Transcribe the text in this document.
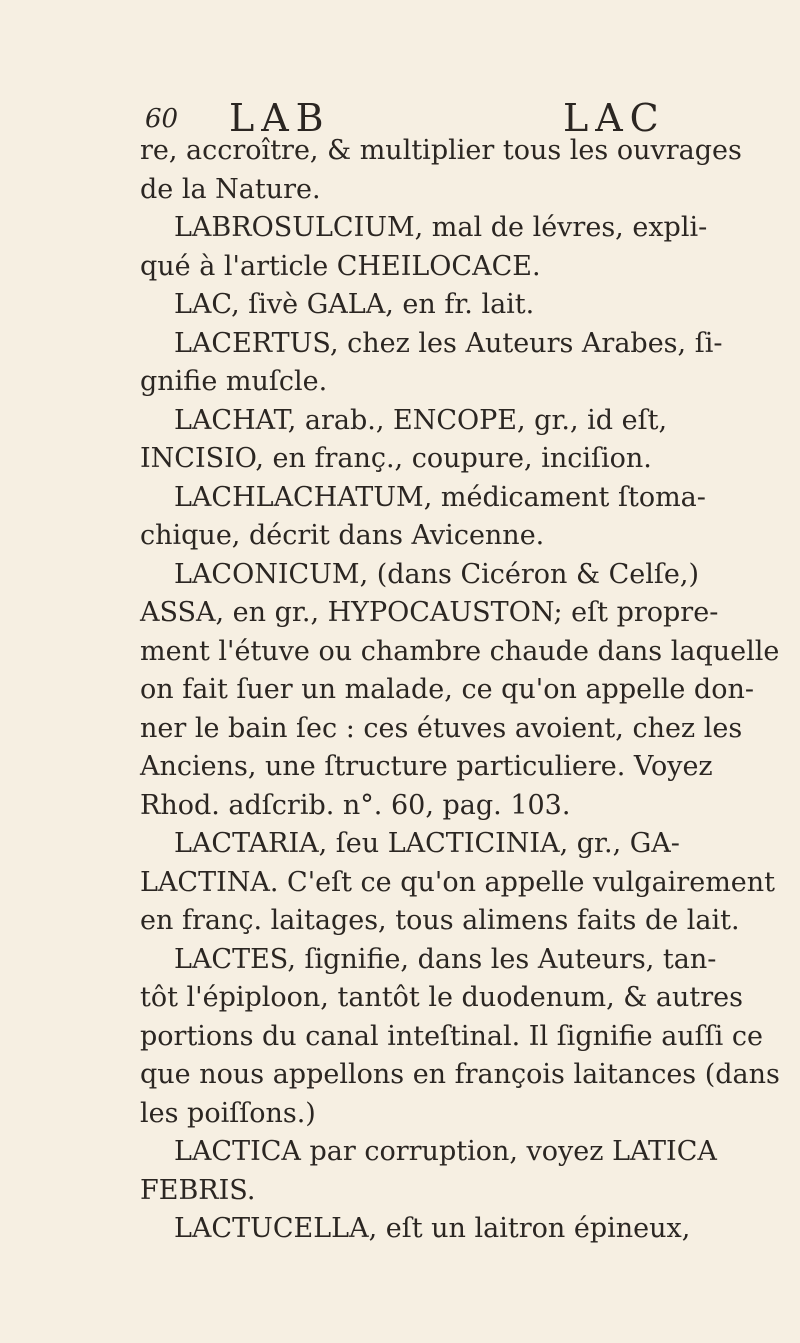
60 LAB	LAC
re, accroître, & multiplier tous les ouvrages
de la Nature.
LABROSULCIUM, mal de lévres, expli-
qué à l'article CHEILOCACE.
LAC, ſivè GALA, en fr. lait.
LACERTUS, chez les Auteurs Arabes, ſi-
gnifie muſcle.
LACHAT, arab., ENCOPE, gr., id eſt,
INCISIO, en franç., coupure, inciſion.
LACHLACHATUM, médicament ſtoma-
chique, décrit dans Avicenne.
LACONICUM, (dans Cicéron & Celſe,)
ASSA, en gr., HYPOCAUSTON; eſt propre-
ment l'étuve ou chambre chaude dans laquelle
on fait ſuer un malade, ce qu'on appelle don-
ner le bain ſec : ces étuves avoient, chez les
Anciens, une ſtructure particuliere. Voyez
Rhod. adſcrib. n°. 60, pag. 103.
LACTARIA, ſeu LACTICINIA, gr., GA-
LACTINA. C'eſt ce qu'on appelle vulgairement
en franç. laitages, tous alimens faits de lait.
LACTES, ſignifie, dans les Auteurs, tan-
tôt l'épiploon, tantôt le duodenum, & autres
portions du canal inteſtinal. Il ſignifie auſſi ce
que nous appellons en françois laitances (dans
les poiſſons.)
LACTICA par corruption, voyez LATICA
FEBRIS.
LACTUCELLA, eſt un laitron épineux,
